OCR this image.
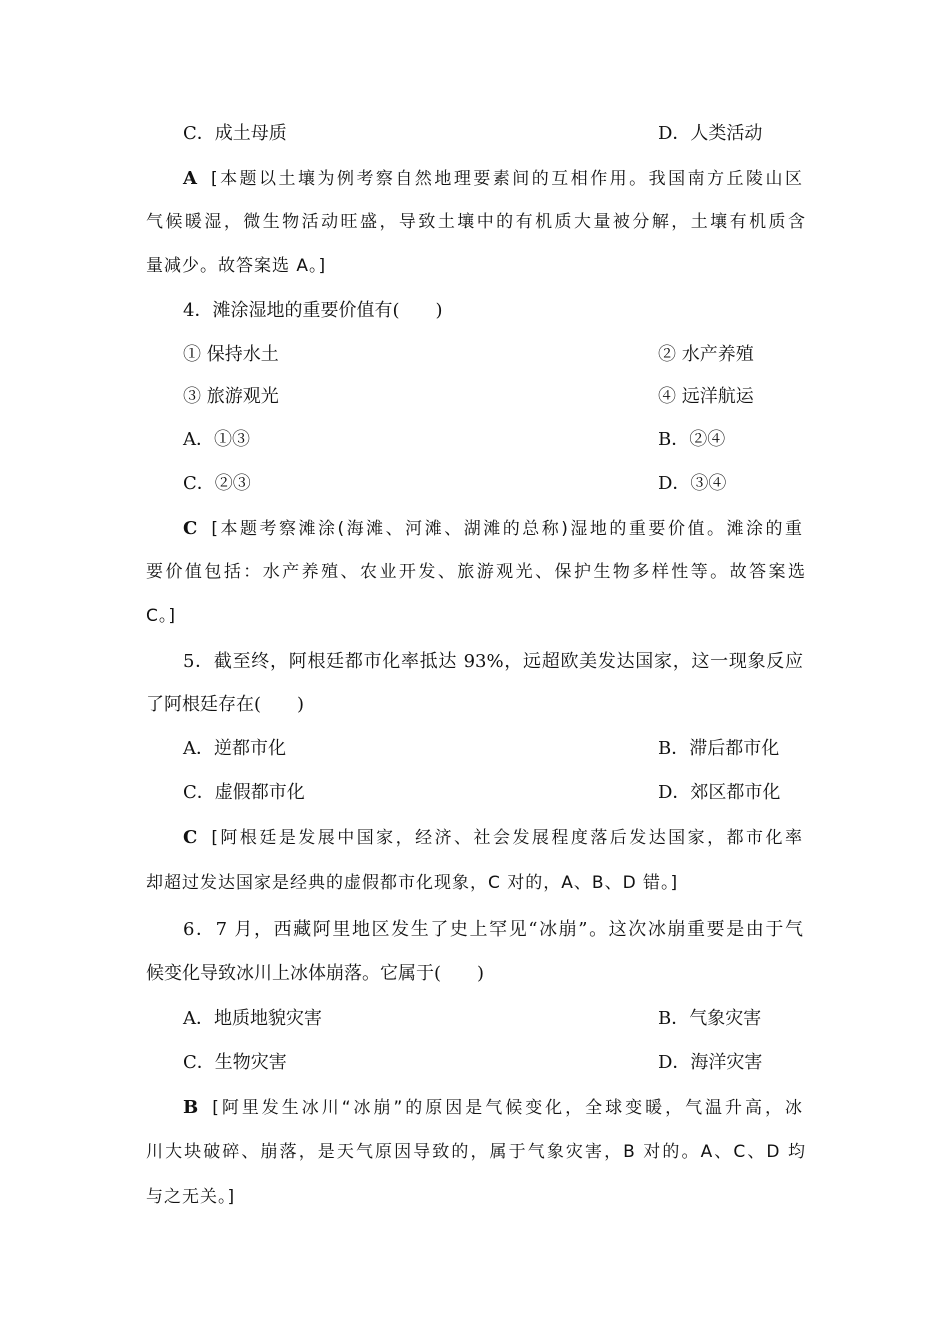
C．成土母质	D．人类活动
A [本题以土壤为例考察自然地理要素间的互相作用。我国南方丘陵山区
气候暖湿，微生物活动旺盛，导致土壤中的有机质大量被分解，土壤有机质含
量减少。故答案选 A。]
4．滩涂湿地的重要价值有(　　)
① 保持水土	② 水产养殖
③ 旅游观光	④ 远洋航运
A．①③	B．②④
C．②③	D．③④
C [本题考察滩涂(海滩、河滩、湖滩的总称)湿地的重要价值。滩涂的重
要价值包括：水产养殖、农业开发、旅游观光、保护生物多样性等。故答案选
C。]
5．截至终，阿根廷都市化率抵达 93%，远超欧美发达国家，这一现象反应
了阿根廷存在(　　)
A．逆都市化	B．滞后都市化
C．虚假都市化	D．郊区都市化
C [阿根廷是发展中国家，经济、社会发展程度落后发达国家，都市化率
却超过发达国家是经典的虚假都市化现象，C 对的，A、B、D 错。]
6．7 月，西藏阿里地区发生了史上罕见“冰崩”。这次冰崩重要是由于气
候变化导致冰川上冰体崩落。它属于(　　)
A．地质地貌灾害	B．气象灾害
C．生物灾害	D．海洋灾害
B [阿里发生冰川“冰崩”的原因是气候变化，全球变暖，气温升高，冰
川大块破碎、崩落，是天气原因导致的，属于气象灾害，B 对的。A、C、D 均
与之无关。]
